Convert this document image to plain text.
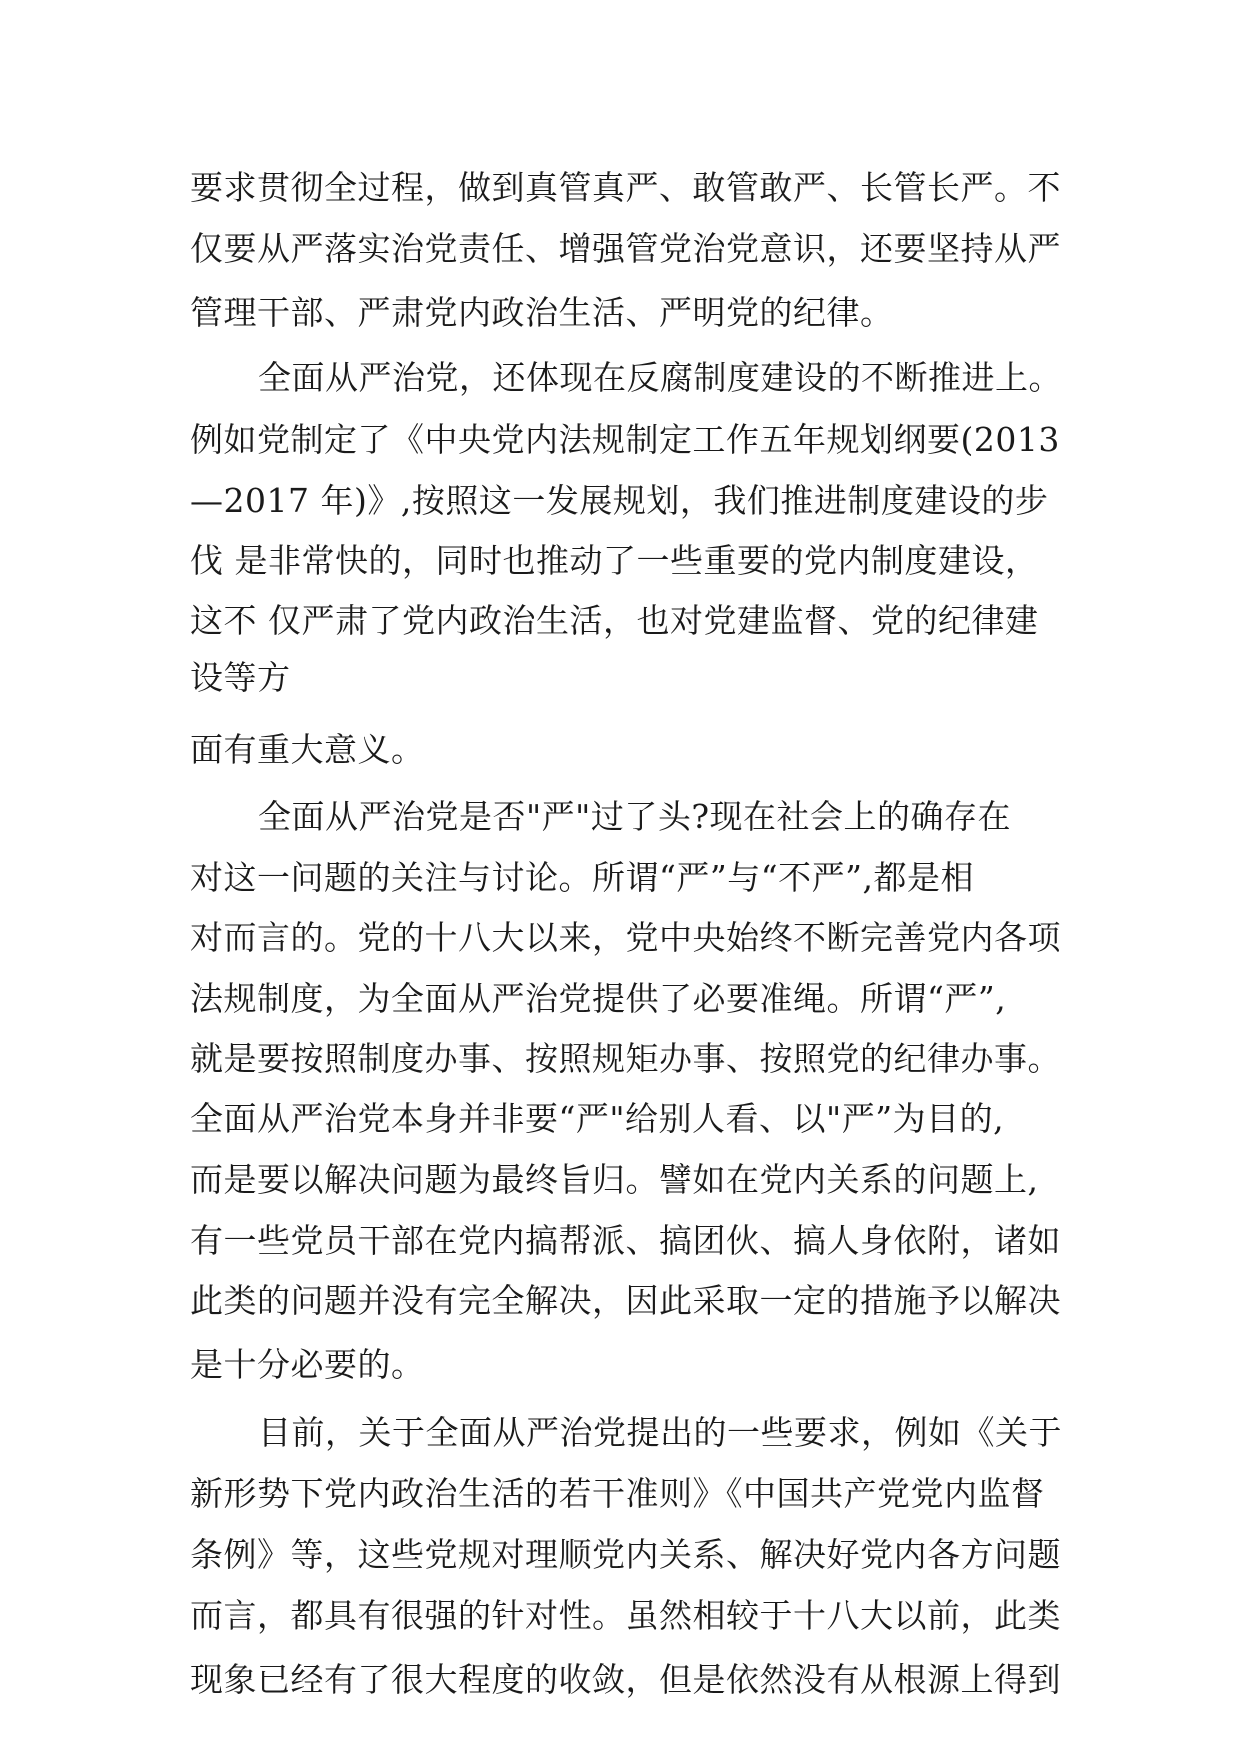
要求贯彻全过程，做到真管真严、敢管敢严、长管长严。不
仅要从严落实治党责任、增强管党治党意识，还要坚持从严
管理干部、严肃党内政治生活、严明党的纪律。
全面从严治党，还体现在反腐制度建设的不断推进上。
例如党制定了《中央党内法规制定工作五年规划纲要(2013
—2017 年)》,按照这一发展规划，我们推进制度建设的步
伐 是非常快的，同时也推动了一些重要的党内制度建设，
这不 仅严肃了党内政治生活，也对党建监督、党的纪律建
设等方
面有重大意义。
全面从严治党是否"严"过了头?现在社会上的确存在
对这一问题的关注与讨论。所谓“严”与“不严”,都是相
对而言的。党的十八大以来，党中央始终不断完善党内各项
法规制度，为全面从严治党提供了必要准绳。所谓“严”,
就是要按照制度办事、按照规矩办事、按照党的纪律办事。
全面从严治党本身并非要“严"给别人看、以"严”为目的,
而是要以解决问题为最终旨归。譬如在党内关系的问题上,
有一些党员干部在党内搞帮派、搞团伙、搞人身依附，诸如
此类的问题并没有完全解决，因此采取一定的措施予以解决
是十分必要的。
目前，关于全面从严治党提出的一些要求，例如《关于
新形势下党内政治生活的若干准则》《中国共产党党内监督
条例》等，这些党规对理顺党内关系、解决好党内各方问题
而言，都具有很强的针对性。虽然相较于十八大以前，此类
现象已经有了很大程度的收敛，但是依然没有从根源上得到
